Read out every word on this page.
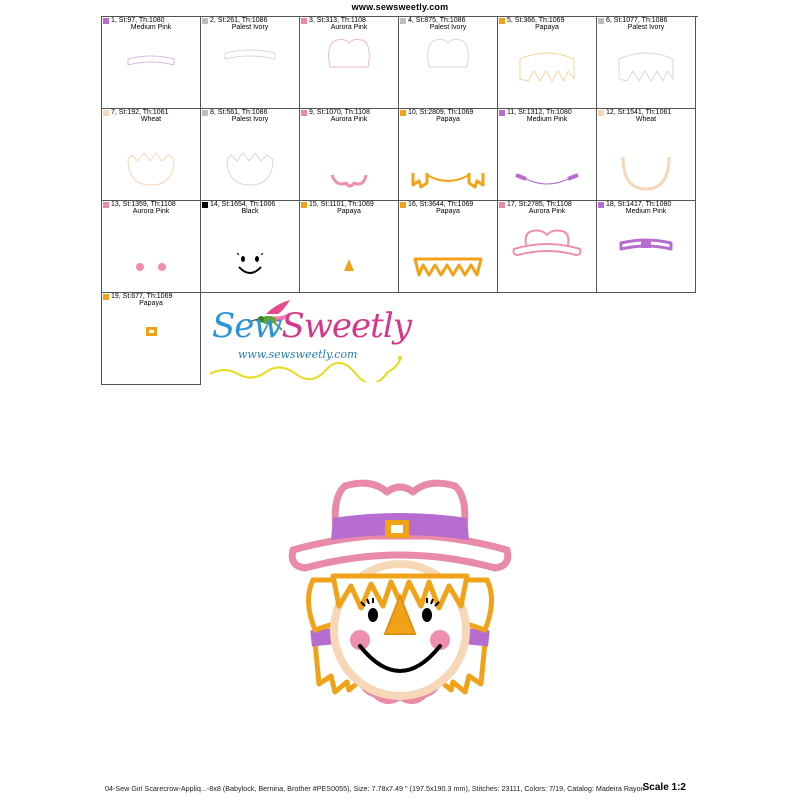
www.sewsweetly.com
1, St:97, Th:1080
Medium Pink
2, St:261, Th:1086
Palest Ivory
3, St:313, Th:1108
Aurora Pink
4, St:875, Th:1086
Palest Ivory
5, St:366, Th:1069
Papaya
6, St:1077, Th:1086
Palest Ivory
7, St:192, Th:1061
Wheat
8, St:561, Th:1086
Palest Ivory
9, St:1070, Th:1108
Aurora Pink
10, St:2809, Th:1069
Papaya
11, St:1312, Th:1080
Medium Pink
12, St:1541, Th:1061
Wheat
13, St:1359, Th:1108
Aurora Pink
14, St:1654, Th:1006
Black
15, St:1101, Th:1069
Papaya
16, St:3644, Th:1069
Papaya
17, St:2785, Th:1108
Aurora Pink
18, St:1417, Th:1080
Medium Pink
19, St:677, Th:1069
Papaya
SewSweetly
www.sewsweetly.com
04-Sew Girl Scarecrow-Appliq...-8x8 (Babylock, Bernina, Brother #PES0055), Size: 7.78x7.49 " (197.5x190.3 mm), Stitches: 23111, Colors: 7/19, Catalog: Madeira Rayon
Scale 1:2
